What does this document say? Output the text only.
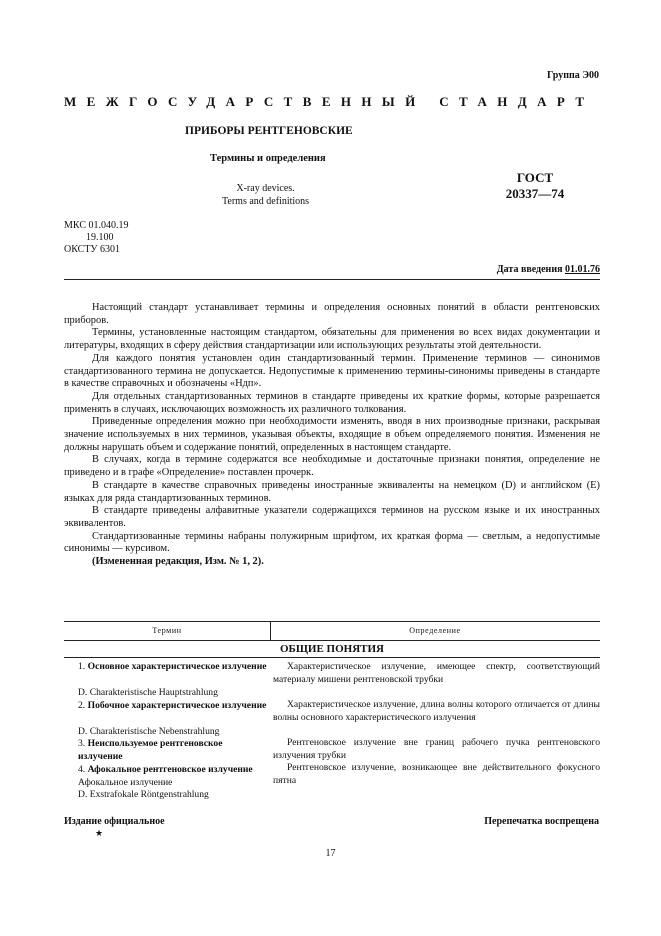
Группа Э00
МЕЖГОСУДАРСТВЕННЫЙ СТАНДАРТ
ПРИБОРЫ РЕНТГЕНОВСКИЕ
Термины и определения
X-ray devices.
Terms and definitions
ГОСТ
20337—74
МКС 01.040.19
19.100
ОКСТУ 6301
Дата введения 01.01.76

Настоящий стандарт устанавливает термины и определения основных понятий в области рентгеновских приборов.

Термины, установленные настоящим стандартом, обязательны для применения во всех видах документации и литературы, входящих в сферу действия стандартизации или использующих результаты этой деятельности.

Для каждого понятия установлен один стандартизованный термин. Применение терминов — синонимов стандартизованного термина не допускается. Недопустимые к применению термины-синонимы приведены в стандарте в качестве справочных и обозначены «Ндп».

Для отдельных стандартизованных терминов в стандарте приведены их краткие формы, которые разрешается применять в случаях, исключающих возможность их различного толкования.

Приведенные определения можно при необходимости изменять, вводя в них производные признаки, раскрывая значение используемых в них терминов, указывая объекты, входящие в объем определяемого понятия. Изменения не должны нарушать объем и содержание понятий, определенных в настоящем стандарте.

В случаях, когда в термине содержатся все необходимые и достаточные признаки понятия, определение не приведено и в графе «Определение» поставлен прочерк.

В стандарте в качестве справочных приведены иностранные эквиваленты на немецком (D) и английском (E) языках для ряда стандартизованных терминов.

В стандарте приведены алфавитные указатели содержащихся терминов на русском языке и их иностранных эквивалентов.

Стандартизованные термины набраны полужирным шрифтом, их краткая форма — светлым, а недопустимые синонимы — курсивом.

(Измененная редакция, Изм. № 1, 2).

Термин	Определение
ОБЩИЕ ПОНЯТИЯ
1. Основное характеристическое излучение
D. Charakteristische Hauptstrahlung
2. Побочное характеристическое излучение
D. Charakteristische Nebenstrahlung
3. Неиспользуемое рентгеновское излучение
4. Афокальное рентгеновское излучение
Афокальное излучение
D. Exstrafokale Röntgenstrahlung
Характеристическое излучение, имеющее спектр, соответствующий материалу мишени рентгеновской трубки
Характеристическое излучение, длина волны которого отличается от длины волны основного характеристического излучения
Рентгеновское излучение вне границ рабочего пучка рентгеновского излучения трубки
Рентгеновское излучение, возникающее вне действительного фокусного пятна
Издание официальное
★
Перепечатка воспрещена
17
